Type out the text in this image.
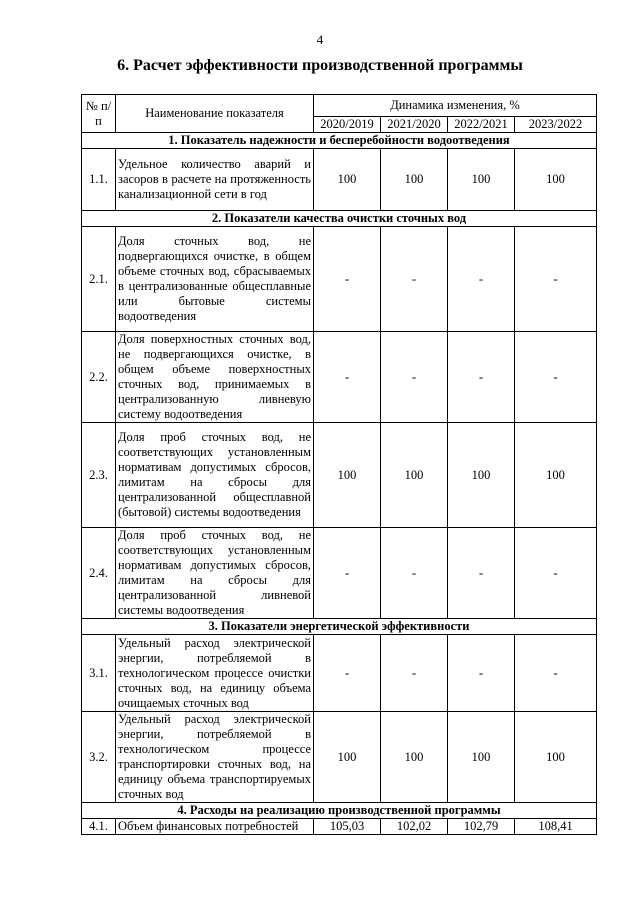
4
6. Расчет эффективности производственной программы
№ п/п	Наименование показателя	Динамика изменения, %			
		2020/2019	2021/2020	2022/2021	2023/2022
1. Показатель надежности и бесперебойности водоотведения					
1.1.	Удельное количество аварий и засоров в расчете на протяженность канализационной сети в год	100	100	100	100
2. Показатели качества очистки сточных вод					
2.1.	Доля сточных вод, не подвергающихся очистке, в общем объеме сточных вод, сбрасываемых в централизованные общесплавные или бытовые системы водоотведения	-	-	-	-
2.2.	Доля поверхностных сточных вод, не подвергающихся очистке, в общем объеме поверхностных сточных вод, принимаемых в централизованную ливневую систему водоотведения	-	-	-	-
2.3.	Доля проб сточных вод, не соответствующих установленным нормативам допустимых сбросов, лимитам на сбросы для централизованной общесплавной (бытовой) системы водоотведения	100	100	100	100
2.4.	Доля проб сточных вод, не соответствующих установленным нормативам допустимых сбросов, лимитам на сбросы для централизованной ливневой системы водоотведения	-	-	-	-
3. Показатели энергетической эффективности					
3.1.	Удельный расход электрической энергии, потребляемой в технологическом процессе очистки сточных вод, на единицу объема очищаемых сточных вод	-	-	-	-
3.2.	Удельный расход электрической энергии, потребляемой в технологическом процессе транспортировки сточных вод, на единицу объема транспортируемых сточных вод	100	100	100	100
4. Расходы на реализацию производственной программы					
4.1.	Объем финансовых потребностей	105,03	102,02	102,79	108,41
